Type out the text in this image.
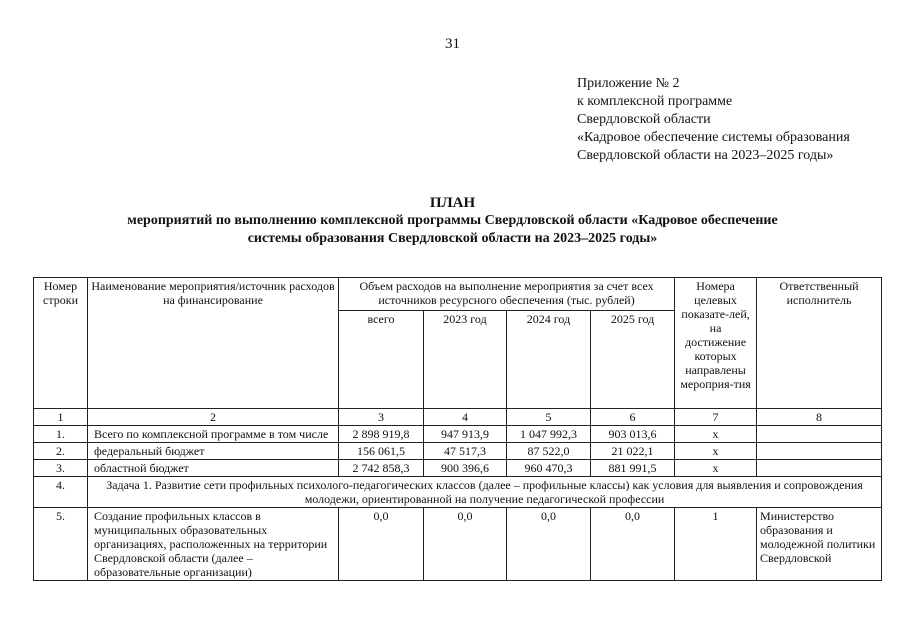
31
Приложение № 2
к комплексной программе
Свердловской области
«Кадровое обеспечение системы образования
Свердловской области на 2023–2025 годы»
ПЛАН
мероприятий по выполнению комплексной программы Свердловской области «Кадровое обеспечение
системы образования Свердловской области на 2023–2025 годы»
Номер строки	Наименование мероприятия/источник расходов на финансирование	Объем расходов на выполнение мероприятия за счет всех источников ресурсного обеспечения (тыс. рублей)				Номера целевых показате-лей, на достижение которых направлены мероприя-тия	Ответственный исполнитель
		всего	2023 год	2024 год	2025 год		
1	2	3	4	5	6	7	8
1.	Всего по комплексной программе в том числе	2 898 919,8	947 913,9	1 047 992,3	903 013,6	х	
2.	федеральный бюджет	156 061,5	47 517,3	87 522,0	21 022,1	х	
3.	областной бюджет	2 742 858,3	900 396,6	960 470,3	881 991,5	х	
4.	Задача 1. Развитие сети профильных психолого-педагогических классов (далее – профильные классы) как условия для выявления и сопровождения молодежи, ориентированной на получение педагогической профессии						
5.	Создание профильных классов в муниципальных образовательных организациях, расположенных на территории Свердловской области (далее – образовательные организации)	0,0	0,0	0,0	0,0	1	Министерство образования и молодежной политики Свердловской
